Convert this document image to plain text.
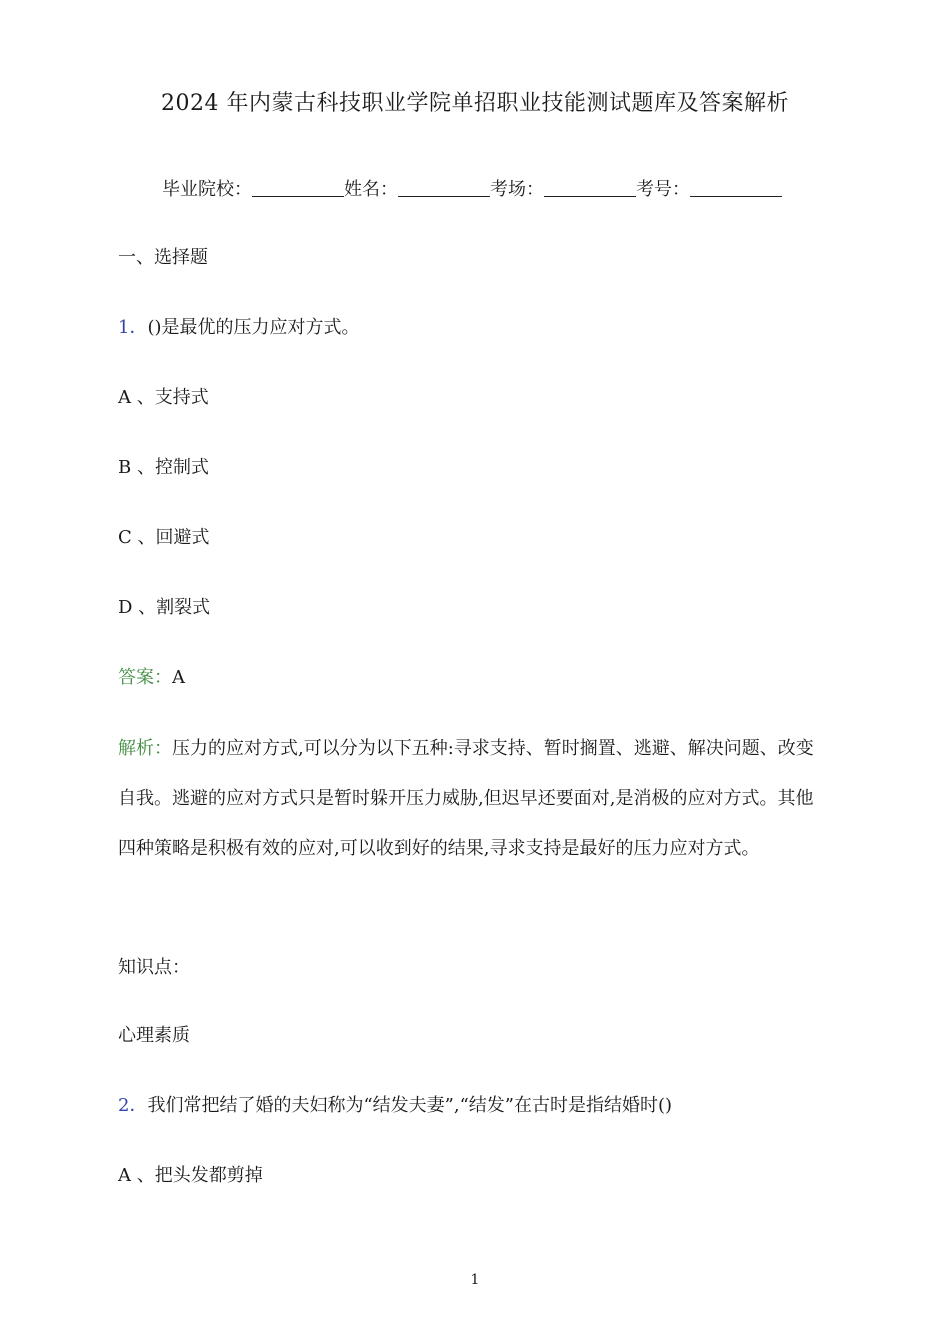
2024 年内蒙古科技职业学院单招职业技能测试题库及答案解析
毕业院校：	姓名：	考场：	考号：
一、选择题
1．()是最优的压力应对方式。
A 、支持式
B 、控制式
C 、回避式
D 、割裂式
答案：A
解析：压力的应对方式,可以分为以下五种:寻求支持、暂时搁置、逃避、解决问题、改变自我。逃避的应对方式只是暂时躲开压力威胁,但迟早还要面对,是消极的应对方式。其他四种策略是积极有效的应对,可以收到好的结果,寻求支持是最好的压力应对方式。
知识点：
心理素质
2．我们常把结了婚的夫妇称为“结发夫妻”,“结发”在古时是指结婚时()
A 、把头发都剪掉
1
